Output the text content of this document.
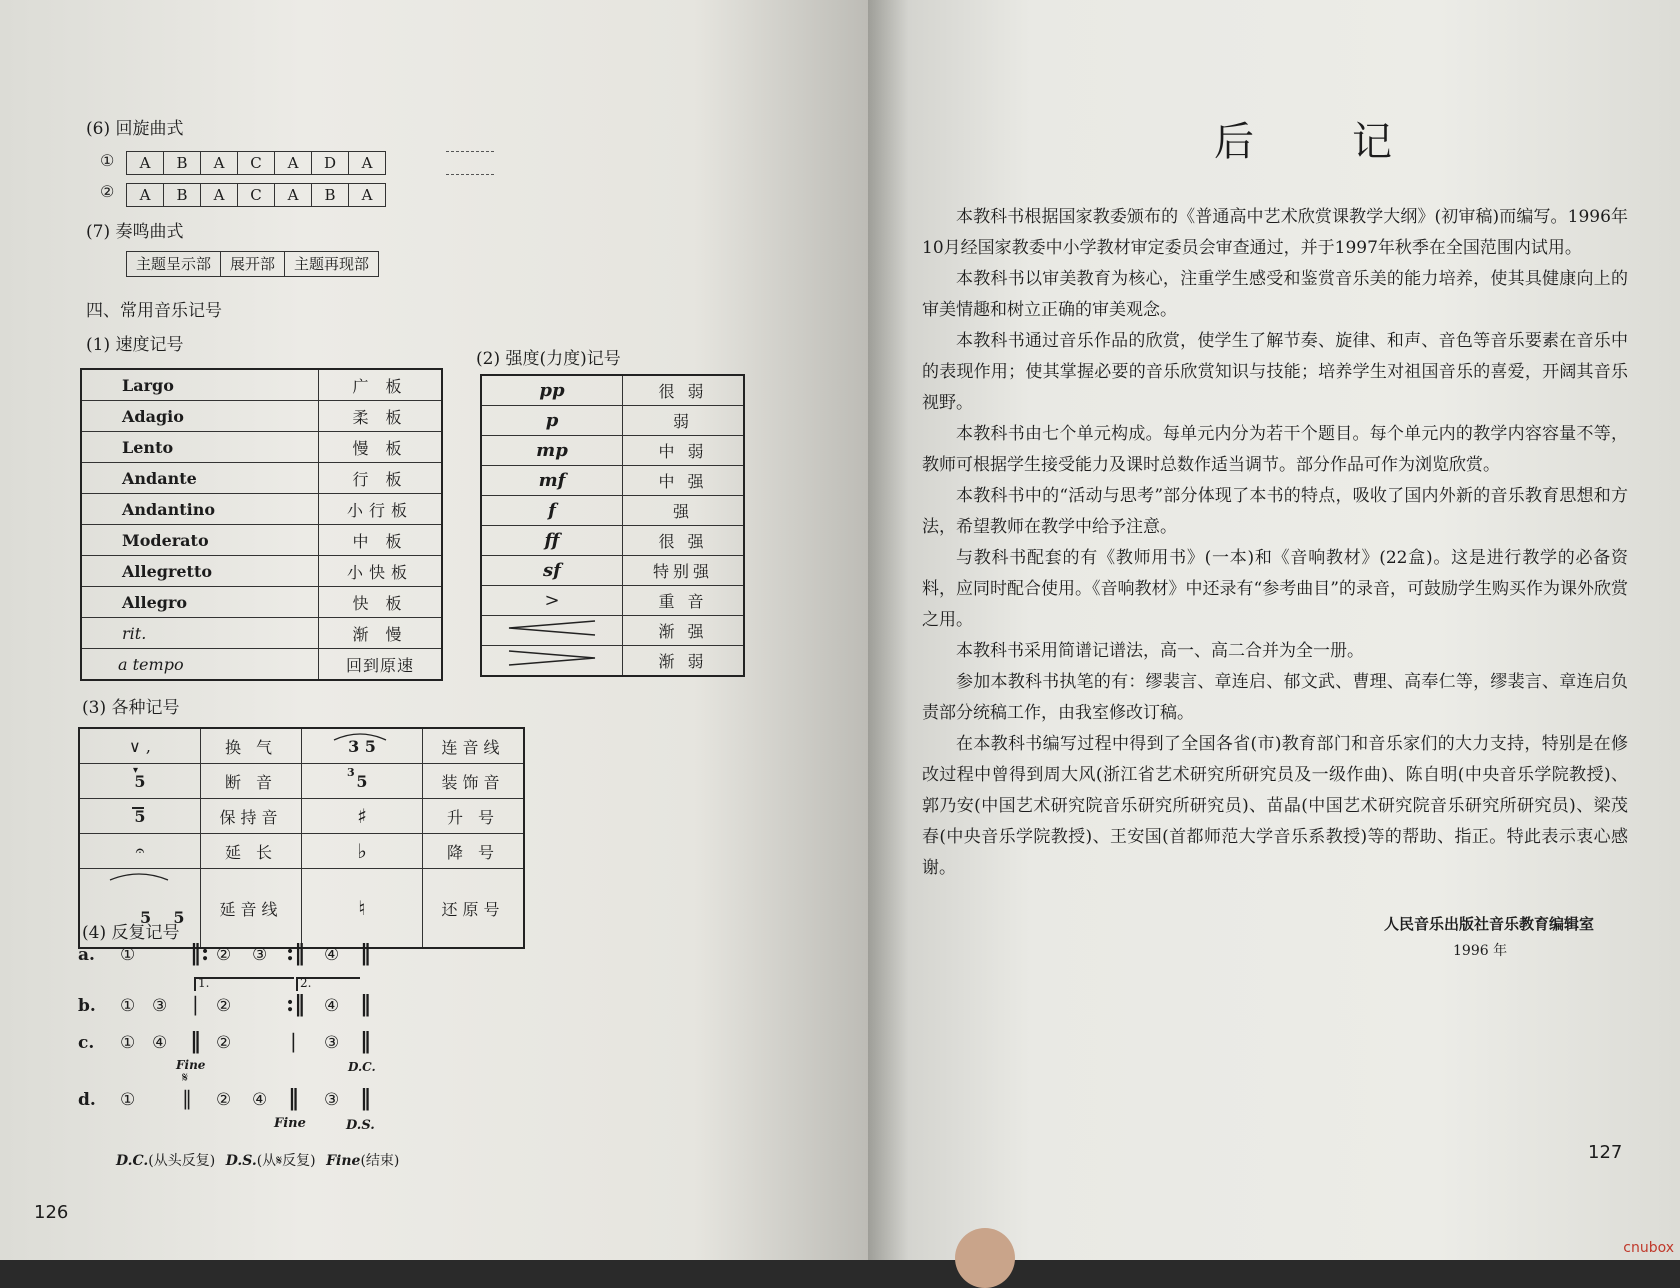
(6) 回旋曲式
①	A	B	A	C	A	D	A
②	A	B	A	C	A	B	A
(7) 奏鸣曲式
主题呈示部	展开部	主题再现部
四、常用音乐记号
(1) 速度记号
(2) 强度(力度)记号
Largo	广 板
Adagio	柔 板
Lento	慢 板
Andante	行 板
Andantino	小行板
Moderato	中 板
Allegretto	小快板
Allegro	快 板
rit.	渐 慢
a tempo	回到原速
pp	很 弱
p	弱
mp	中 弱
mf	中 强
f	强
ff	很 强
sf	特别强
>	重 音
	渐 强
	渐 弱
(3) 各种记号
∨ ,	换 气	3 5	连音线

▾
5	断 音	3 5	装饰音

5	保持音	♯	升 号
𝄐	延 长	♭	降 号

5    5	延音线	♮	还原号
(4) 反复记号
a. ① ‖: ② ③ :‖ ④ ‖
1.	2.
b. ① ③ | ② :‖ ④ ‖
c. ① ④ ‖ ②	| ③ ‖
Fine	D.C.
𝄋
d. ① ‖ ② ④ ‖ ③ ‖
Fine	D.S.
D.C.(从头反复) D.S.(从𝄋反复) Fine(结束)
126
后 记

本教科书根据国家教委颁布的《普通高中艺术欣赏课教学大纲》(初审稿)而编写。1996年10月经国家教委中小学教材审定委员会审查通过，并于1997年秋季在全国范围内试用。

本教科书以审美教育为核心，注重学生感受和鉴赏音乐美的能力培养，使其具健康向上的审美情趣和树立正确的审美观念。

本教科书通过音乐作品的欣赏，使学生了解节奏、旋律、和声、音色等音乐要素在音乐中的表现作用；使其掌握必要的音乐欣赏知识与技能；培养学生对祖国音乐的喜爱，开阔其音乐视野。

本教科书由七个单元构成。每单元内分为若干个题目。每个单元内的教学内容容量不等，教师可根据学生接受能力及课时总数作适当调节。部分作品可作为浏览欣赏。

本教科书中的“活动与思考”部分体现了本书的特点，吸收了国内外新的音乐教育思想和方法，希望教师在教学中给予注意。

与教科书配套的有《教师用书》(一本)和《音响教材》(22盒)。这是进行教学的必备资料，应同时配合使用。《音响教材》中还录有“参考曲目”的录音，可鼓励学生购买作为课外欣赏之用。

本教科书采用简谱记谱法，高一、高二合并为全一册。

参加本教科书执笔的有：缪裴言、章连启、郁文武、曹理、高奉仁等，缪裴言、章连启负责部分统稿工作，由我室修改订稿。

在本教科书编写过程中得到了全国各省(市)教育部门和音乐家们的大力支持，特别是在修改过程中曾得到周大风(浙江省艺术研究所研究员及一级作曲)、陈自明(中央音乐学院教授)、郭乃安(中国艺术研究院音乐研究所研究员)、苗晶(中国艺术研究院音乐研究所研究员)、梁茂春(中央音乐学院教授)、王安国(首都师范大学音乐系教授)等的帮助、指正。特此表示衷心感谢。

人民音乐出版社音乐教育编辑室
1996 年
127
cnubox
